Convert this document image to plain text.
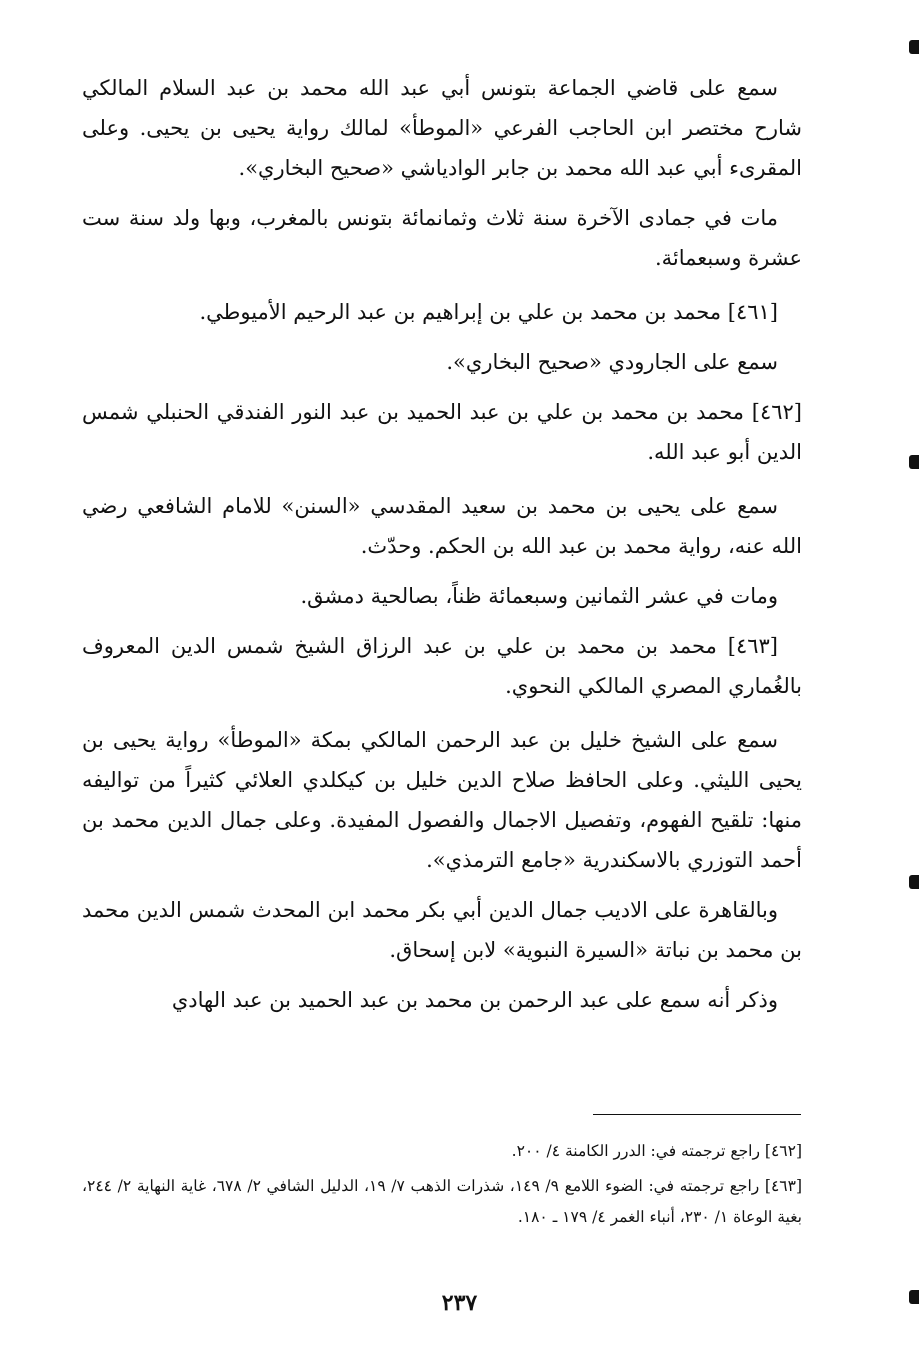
سمع على قاضي الجماعة بتونس أبي عبد الله محمد بن عبد السلام المالكي شارح مختصر ابن الحاجب الفرعي «الموطأ» لمالك رواية يحيى بن يحيى. وعلى المقرىء أبي عبد الله محمد بن جابر الوادياشي «صحيح البخاري».

مات في جمادى الآخرة سنة ثلاث وثمانمائة بتونس بالمغرب، وبها ولد سنة ست عشرة وسبعمائة.

[٤٦١] محمد بن محمد بن علي بن إبراهيم بن عبد الرحيم الأميوطي.

سمع على الجارودي «صحيح البخاري».

[٤٦٢] محمد بن محمد بن علي بن عبد الحميد بن عبد النور الفندقي الحنبلي شمس الدين أبو عبد الله.

سمع على يحيى بن محمد بن سعيد المقدسي «السنن» للامام الشافعي رضي الله عنه، رواية محمد بن عبد الله بن الحكم. وحدّث.

ومات في عشر الثمانين وسبعمائة ظناً، بصالحية دمشق.

[٤٦٣] محمد بن محمد بن علي بن عبد الرزاق الشيخ شمس الدين المعروف بالغُماري المصري المالكي النحوي.

سمع على الشيخ خليل بن عبد الرحمن المالكي بمكة «الموطأ» رواية يحيى بن يحيى الليثي. وعلى الحافظ صلاح الدين خليل بن كيكلدي العلائي كثيراً من تواليفه منها: تلقيح الفهوم، وتفصيل الاجمال والفصول المفيدة. وعلى جمال الدين محمد بن أحمد التوزري بالاسكندرية «جامع الترمذي».

وبالقاهرة على الاديب جمال الدين أبي بكر محمد ابن المحدث شمس الدين محمد بن محمد بن نباتة «السيرة النبوية» لابن إسحاق.

وذكر أنه سمع على عبد الرحمن بن محمد بن عبد الحميد بن عبد الهادي

[٤٦٢] راجع ترجمته في: الدرر الكامنة ٤/ ٢٠٠.

[٤٦٣] راجع ترجمته في: الضوء اللامع ٩/ ١٤٩، شذرات الذهب ٧/ ١٩، الدليل الشافي ٢/ ٦٧٨، غاية النهاية ٢/ ٢٤٤، بغية الوعاة ١/ ٢٣٠، أنباء الغمر ٤/ ١٧٩ ـ ١٨٠.

٢٣٧
